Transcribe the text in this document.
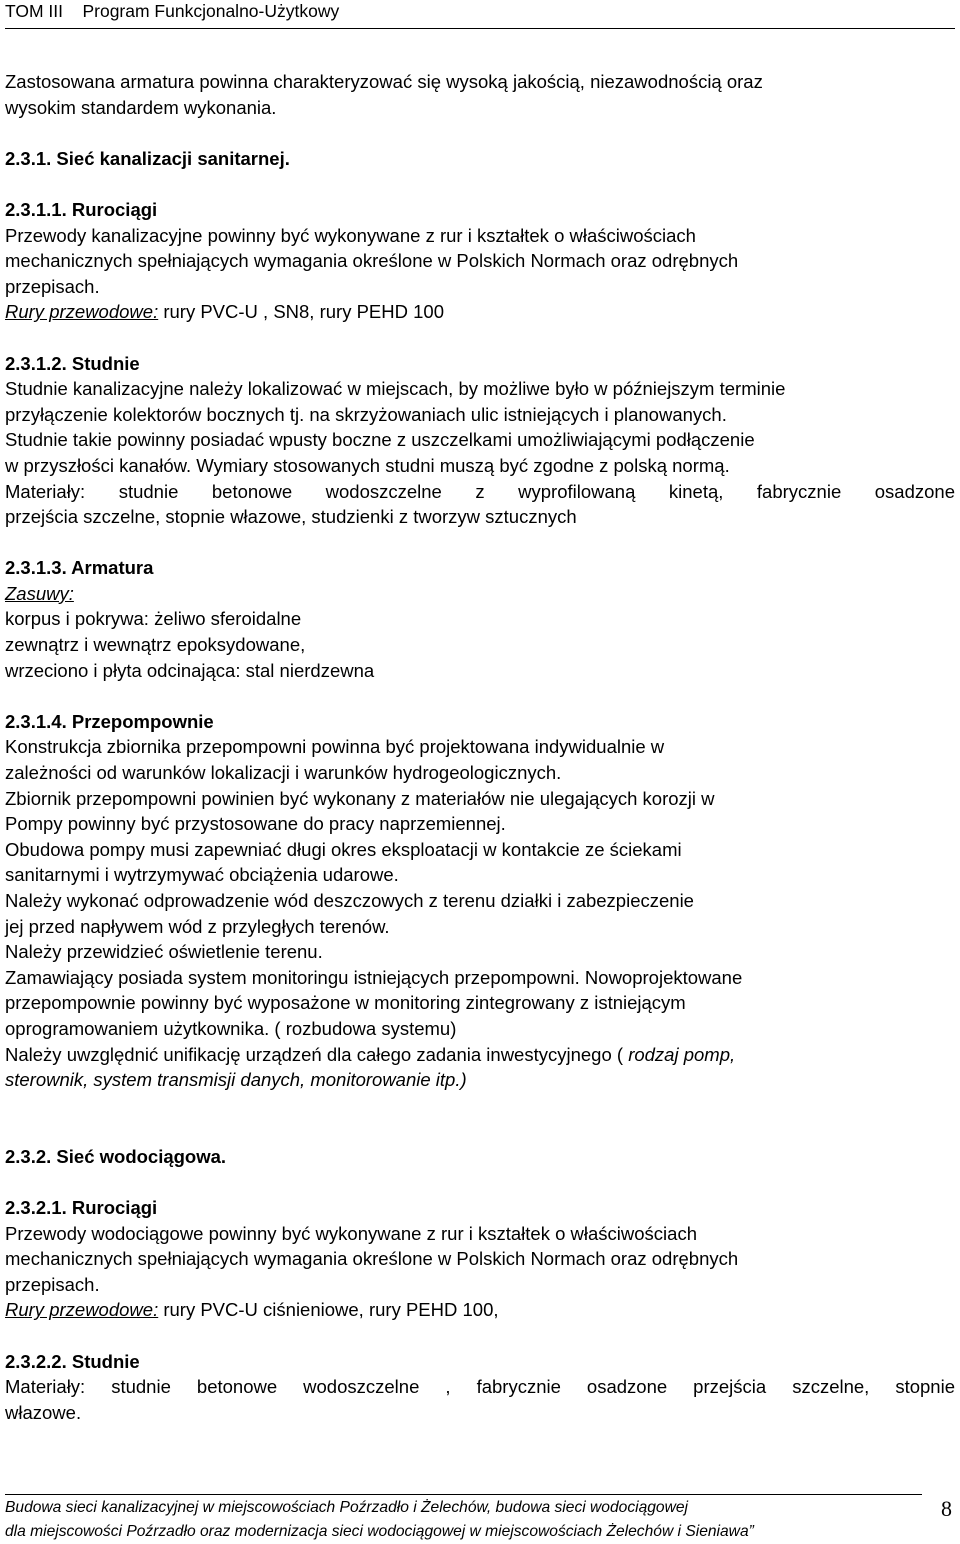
TOM III Program Funkcjonalno-Użytkowy

Zastosowana armatura powinna charakteryzować się wysoką jakością, niezawodnością oraz

wysokim standardem wykonania.

2.3.1. Sieć kanalizacji sanitarnej.

2.3.1.1. Rurociągi

Przewody kanalizacyjne powinny być wykonywane z rur i kształtek o właściwościach

mechanicznych spełniających wymagania określone w Polskich Normach oraz odrębnych

przepisach.

Rury przewodowe: rury PVC-U , SN8, rury PEHD 100

2.3.1.2. Studnie

Studnie kanalizacyjne należy lokalizować w miejscach, by możliwe było w późniejszym terminie

przyłączenie kolektorów bocznych tj. na skrzyżowaniach ulic istniejących i planowanych.

Studnie takie powinny posiadać wpusty boczne z uszczelkami umożliwiającymi podłączenie

w przyszłości kanałów. Wymiary stosowanych studni muszą być zgodne z polską normą.

Materiały: studnie betonowe wodoszczelne z wyprofilowaną kinetą, fabrycznie osadzone

przejścia szczelne, stopnie włazowe, studzienki z tworzyw sztucznych

2.3.1.3. Armatura

Zasuwy:

korpus i pokrywa: żeliwo sferoidalne

zewnątrz i wewnątrz epoksydowane,

wrzeciono i płyta odcinająca: stal nierdzewna

2.3.1.4. Przepompownie

Konstrukcja zbiornika przepompowni powinna być projektowana indywidualnie w

zależności od warunków lokalizacji i warunków hydrogeologicznych.

Zbiornik przepompowni powinien być wykonany z materiałów nie ulegających korozji w

Pompy powinny być przystosowane do pracy naprzemiennej.

Obudowa pompy musi zapewniać długi okres eksploatacji w kontakcie ze ściekami

sanitarnymi i wytrzymywać obciążenia udarowe.

Należy wykonać odprowadzenie wód deszczowych z terenu działki i zabezpieczenie

jej przed napływem wód z przyległych terenów.

Należy przewidzieć oświetlenie terenu.

Zamawiający posiada system monitoringu istniejących przepompowni. Nowoprojektowane

przepompownie powinny być wyposażone w monitoring zintegrowany z istniejącym

oprogramowaniem użytkownika. ( rozbudowa systemu)

Należy uwzględnić unifikację urządzeń dla całego zadania inwestycyjnego ( rodzaj pomp,

sterownik, system transmisji danych, monitorowanie itp.)

2.3.2. Sieć wodociągowa.

2.3.2.1. Rurociągi

Przewody wodociągowe powinny być wykonywane z rur i kształtek o właściwościach

mechanicznych spełniających wymagania określone w Polskich Normach oraz odrębnych

przepisach.

Rury przewodowe: rury PVC-U ciśnieniowe, rury PEHD 100,

2.3.2.2. Studnie

Materiały: studnie betonowe wodoszczelne , fabrycznie osadzone przejścia szczelne, stopnie

włazowe.

Budowa sieci kanalizacyjnej w miejscowościach Poźrzadło i Żelechów, budowa sieci wodociągowej
dla miejscowości Poźrzadło oraz modernizacja sieci wodociągowej w miejscowościach Żelechów i Sieniawa”
8
